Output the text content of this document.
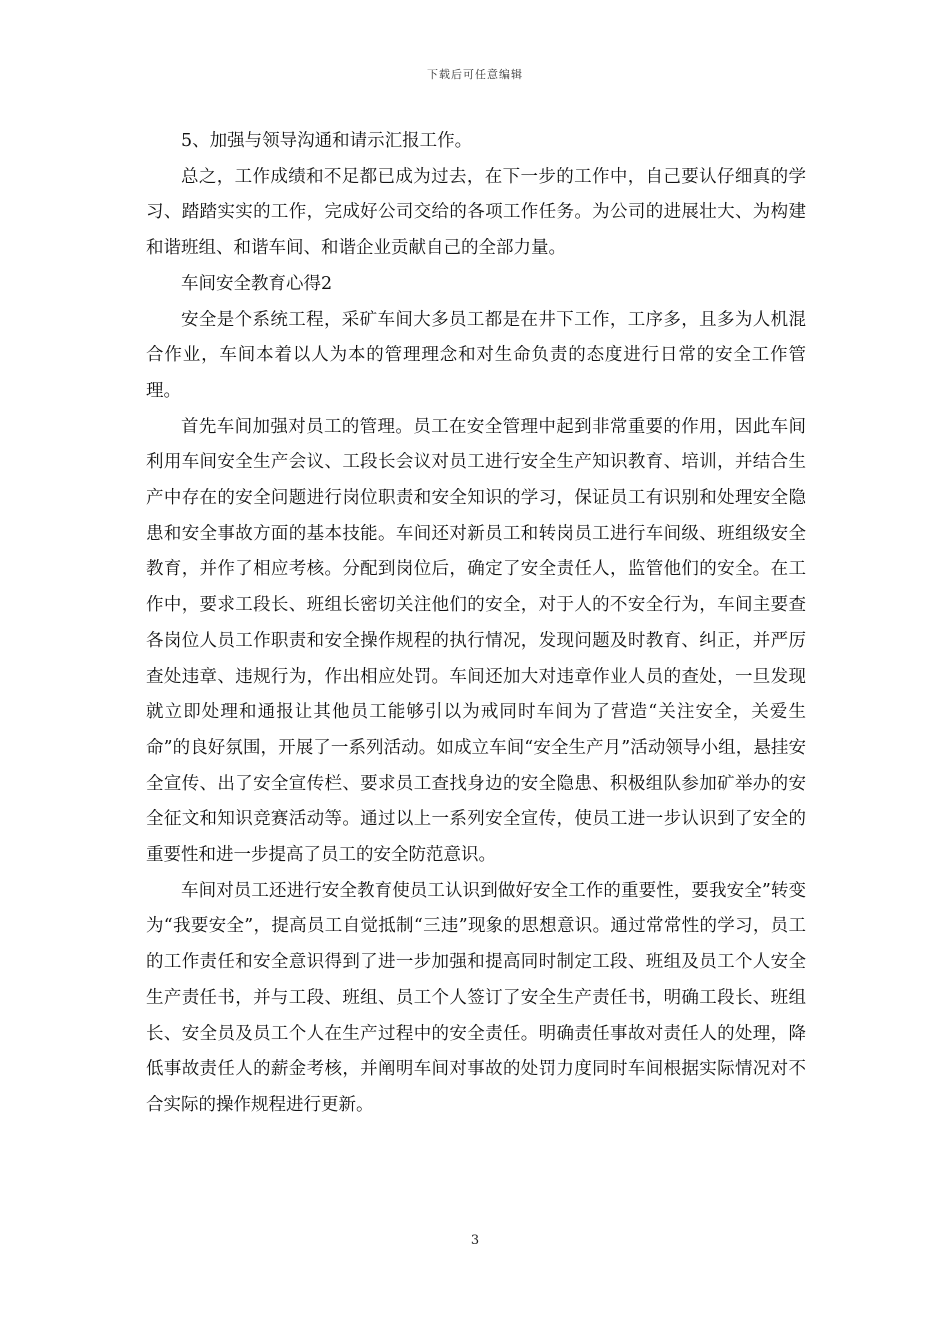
下载后可任意编辑

5、加强与领导沟通和请示汇报工作。

总之，工作成绩和不足都已成为过去，在下一步的工作中，自己要认仔细真的学习、踏踏实实的工作，完成好公司交给的各项工作任务。为公司的进展壮大、为构建和谐班组、和谐车间、和谐企业贡献自己的全部力量。

车间安全教育心得2

安全是个系统工程，采矿车间大多员工都是在井下工作，工序多，且多为人机混合作业，车间本着以人为本的管理理念和对生命负责的态度进行日常的安全工作管理。

首先车间加强对员工的管理。员工在安全管理中起到非常重要的作用，因此车间利用车间安全生产会议、工段长会议对员工进行安全生产知识教育、培训，并结合生产中存在的安全问题进行岗位职责和安全知识的学习，保证员工有识别和处理安全隐患和安全事故方面的基本技能。车间还对新员工和转岗员工进行车间级、班组级安全教育，并作了相应考核。分配到岗位后，确定了安全责任人，监管他们的安全。在工作中，要求工段长、班组长密切关注他们的安全，对于人的不安全行为，车间主要查各岗位人员工作职责和安全操作规程的执行情况，发现问题及时教育、纠正，并严厉查处违章、违规行为，作出相应处罚。车间还加大对违章作业人员的查处，一旦发现就立即处理和通报让其他员工能够引以为戒同时车间为了营造“关注安全，关爱生命”的良好氛围，开展了一系列活动。如成立车间“安全生产月”活动领导小组，悬挂安全宣传、出了安全宣传栏、要求员工查找身边的安全隐患、积极组队参加矿举办的安全征文和知识竞赛活动等。通过以上一系列安全宣传，使员工进一步认识到了安全的重要性和进一步提高了员工的安全防范意识。

车间对员工还进行安全教育使员工认识到做好安全工作的重要性，要我安全”转变为“我要安全”，提高员工自觉抵制“三违”现象的思想意识。通过常常性的学习，员工的工作责任和安全意识得到了进一步加强和提高同时制定工段、班组及员工个人安全生产责任书，并与工段、班组、员工个人签订了安全生产责任书，明确工段长、班组长、安全员及员工个人在生产过程中的安全责任。明确责任事故对责任人的处理，降低事故责任人的薪金考核，并阐明车间对事故的处罚力度同时车间根据实际情况对不合实际的操作规程进行更新。

3
